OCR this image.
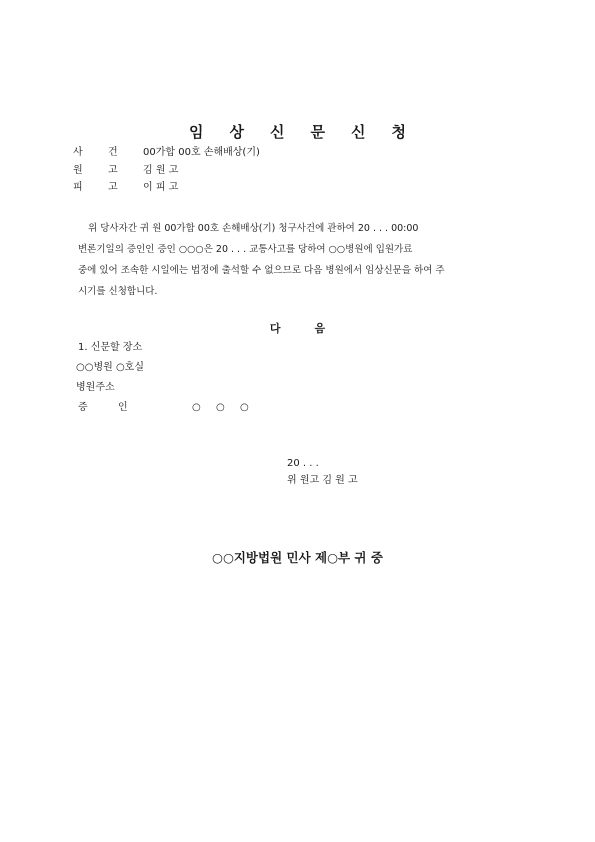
임 상 신 문 신 청
사	건	00가합 00호 손해배상(기)
원	고	김 원 고
피	고	이 피 고
위 당사자간 귀 원 00가합 00호 손해배상(기) 청구사건에 관하여 20 . . . 00:00
변론기일의 증인인 증인 ○○○은 20 . . . 교통사고를 당하여 ○○병원에 입원가료
중에 있어 조속한 시일에는 법정에 출석할 수 없으므로 다음 병원에서 임상신문을 하여 주
시기를 신청합니다.
다	음
1. 신문할 장소
○○병원 ○호실
병원주소
증	인	○ ○ ○
20 . . .
위 원고 김 원 고
○○지방법원 민사 제○부 귀 중
